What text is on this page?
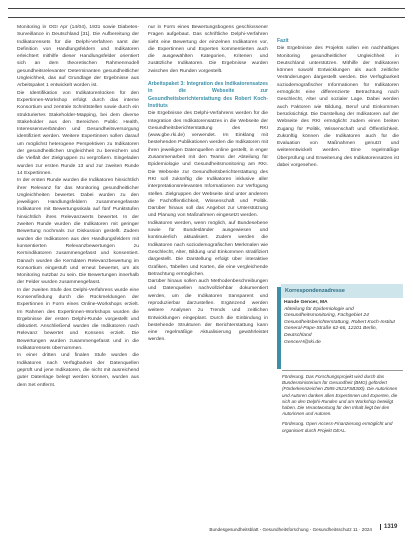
Monitoring in OGI Apr (14/04), 1931 sowie Diabetes-Surveillance in Deutschland [31]. Die Aufbereitung der Indikatorensets für die Delphi-Verfahren samt der Definition von Handlungsfeldern und Indikatoren erleichtert mithilfe dieser Handlungsfelder orientiert sich an dem theoretischen Rahmenmodell gesundheitsrelevanter Determinanten gesundheitlicher Ungleichheit, das auf Grundlage der Ergebnisse aus Arbeitspaket 1 entwickelt worden ist.

Die Identifikation von Indikatorenlücken für den Expertinnen-Workshop erfolgt durch das interne Konsortium und zentrale Schnittstellen sowie durch ein strukturiertes Stakeholder-Mapping, bei dem diverse Stakeholder aus den Bereichen Public Health, Interessensverbänden und Gesundheitsversorgung identifiziert werden. Weitere Expertinnen sollen darauf um möglichst heterogene Perspektiven zu Indikatoren der gesundheitlichen Ungleichheit zu bereichern und die Vielfalt der Zielgruppen zu vergrößern. Eingeladen wurden zur ersten Runde 13 und zur zweiten Runde 14 Expertinnen.

In der ersten Runde wurden die Indikatoren hinsichtlich ihrer Relevanz für das Monitoring gesundheitlicher Ungleichheiten bewertet. Dabei wurden zu den jeweiligen Handlungsfeldern zusammengefasste Indikatoren mit Bewertungsskala auf fünf Punktstufen hinsichtlich ihres Relevanzwerts bewertet. In der zweiten Runde wurden die Indikatoren mit geringer Bewertung nochmals zur Diskussion gestellt. Zudem wurden die Indikatoren aus den Handlungsfeldern mit konsentierten Relevanzbewertungen zu Kernindikatoren zusammengefasst und konsentiert. Danach wurden die Kerndaten Relevanzbewertung im Konsortium eingestuft und erneut bewertet, um als Monitoring nutzbar zu sein. Die Bewertungen innerhalb der Felder wurden zusammengefasst.

In der zweiten Stufe des Delphi-Verfahrens wurde eine Konsensfindung durch die Rückmeldungen der Expertinnen in Form eines Online-Workshops erzielt. Im Rahmen des Expertinnen-Workshops wurden die Ergebnisse der ersten Delphi-Runde vorgestellt und diskutiert. Anschließend wurden die Indikatoren nach Relevanz bewertet und Konsens erzielt. Die Bewertungen wurden zusammengefasst und in die Indikatorensets übernommen.

In einer dritten und finalen Stufe wurden die Indikatoren nach Verfügbarkeit der Datenquellen geprüft und jene Indikatoren, die nicht mit ausreichend guter Datenlage belegt werden können, wurden aus dem Set entfernt.

nur in Form eines Bewertungsbogens geschlossener Fragen aufgebaut. Das schriftliche Delphi-Verfahren sieht eine Bewertung der einzelnen Indikatoren vor, die Expertinnen und Experten kommentierten auch die ausgewählten Kategorien, Kriterien und zusätzliche Indikatoren. Die Ergebnisse wurden zwischen den Runden vorgestellt.

Arbeitspaket 3: Integration des Indikatorensatzes in die Webseite zur Gesundheitsberichterstattung des Robert Koch-Instituts

Die Ergebnisse des Delphi-Verfahrens werden für die Integration des Indikatorensatzes in die Webseite der Gesundheitsberichterstattung des RKI (www.gbe.rki.de) verwendet. Im Einklang mit bestehenden Publikationen werden die Indikatoren mit ihren jeweiligen Datenquellen online gestellt, in enger Zusammenarbeit mit den Teams der Abteilung für Epidemiologie und Gesundheitsmonitoring am RKI. Die Webseite zur Gesundheitsberichterstattung des RKI soll zukünftig die Indikatoren inklusive aller interpretationsrelevanten Informationen zur Verfügung stellen. Zielgruppen der Webseite sind unter anderem die Fachöffentlichkeit, Wissenschaft und Politik. Darüber hinaus soll das Angebot zur Unterstützung und Planung von Maßnahmen eingesetzt werden.

Indikatoren werden, wenn möglich, auf Bundesebene sowie für Bundesländer ausgewiesen und kontinuierlich aktualisiert. Zudem werden die Indikatoren nach soziodemografischen Merkmalen wie Geschlecht, Alter, Bildung und Einkommen stratifiziert dargestellt. Die Darstellung erfolgt über interaktive Grafiken, Tabellen und Karten, die eine vergleichende Betrachtung ermöglichen.

Darüber hinaus sollen auch Methodenbeschreibungen und Datenquellen nachvollziehbar dokumentiert werden, um die Indikatoren transparent und reproduzierbar darzustellen. Ergänzend werden weitere Analysen zu Trends und zeitlichen Entwicklungen eingeplant. Durch die Einbindung in bestehende Strukturen der Berichterstattung kann eine regelmäßige Aktualisierung gewährleistet werden.

Fazit

Die Ergebnisse des Projekts sollen ein nachhaltiges Monitoring gesundheitlicher Ungleichheit in Deutschland unterstützen. Mithilfe der Indikatoren können sowohl Entwicklungen als auch zeitliche Veränderungen dargestellt werden. Die Verfügbarkeit soziodemografischer Informationen für Indikatoren ermöglicht eine differenzierte Betrachtung nach Geschlecht, Alter und sozialer Lage. Dabei werden auch Faktoren wie Bildung, Beruf und Einkommen berücksichtigt. Die Darstellung der Indikatoren auf der Webseite des RKI ermöglicht zudem einen breiten Zugang für Politik, Wissenschaft und Öffentlichkeit. Zukünftig können die Indikatoren auch für die Evaluation von Maßnahmen genutzt und weiterentwickelt werden. Eine regelmäßige Überprüfung und Erweiterung des Indikatorensatzes ist dabei vorgesehen.

Korrespondenzadresse
Hande Gencer, MA
Abteilung für Epidemiologie und Gesundheitsmonitoring, Fachgebiet 24 Gesundheitsberichterstattung, Robert Koch-Institut
General-Pape-Straße 62-66, 12101 Berlin, Deutschland
GencerH@rki.de

Förderung. Das Forschungsprojekt wird durch das Bundesministerium für Gesundheit (BMG) gefördert (Förderkennzeichen ZMI5-2521FSB300). Die Autorinnen und Autoren danken allen Expertinnen und Experten, die sich an den Delphi-Runden und am Workshop beteiligt haben. Die Verantwortung für den Inhalt liegt bei den Autorinnen und Autoren.

Förderung. Open Access-Finanzierung ermöglicht und organisiert durch Projekt DEAL.

Bundesgesundheitsblatt - Gesundheitsforschung - Gesundheitsschutz 11 · 2024	1319
